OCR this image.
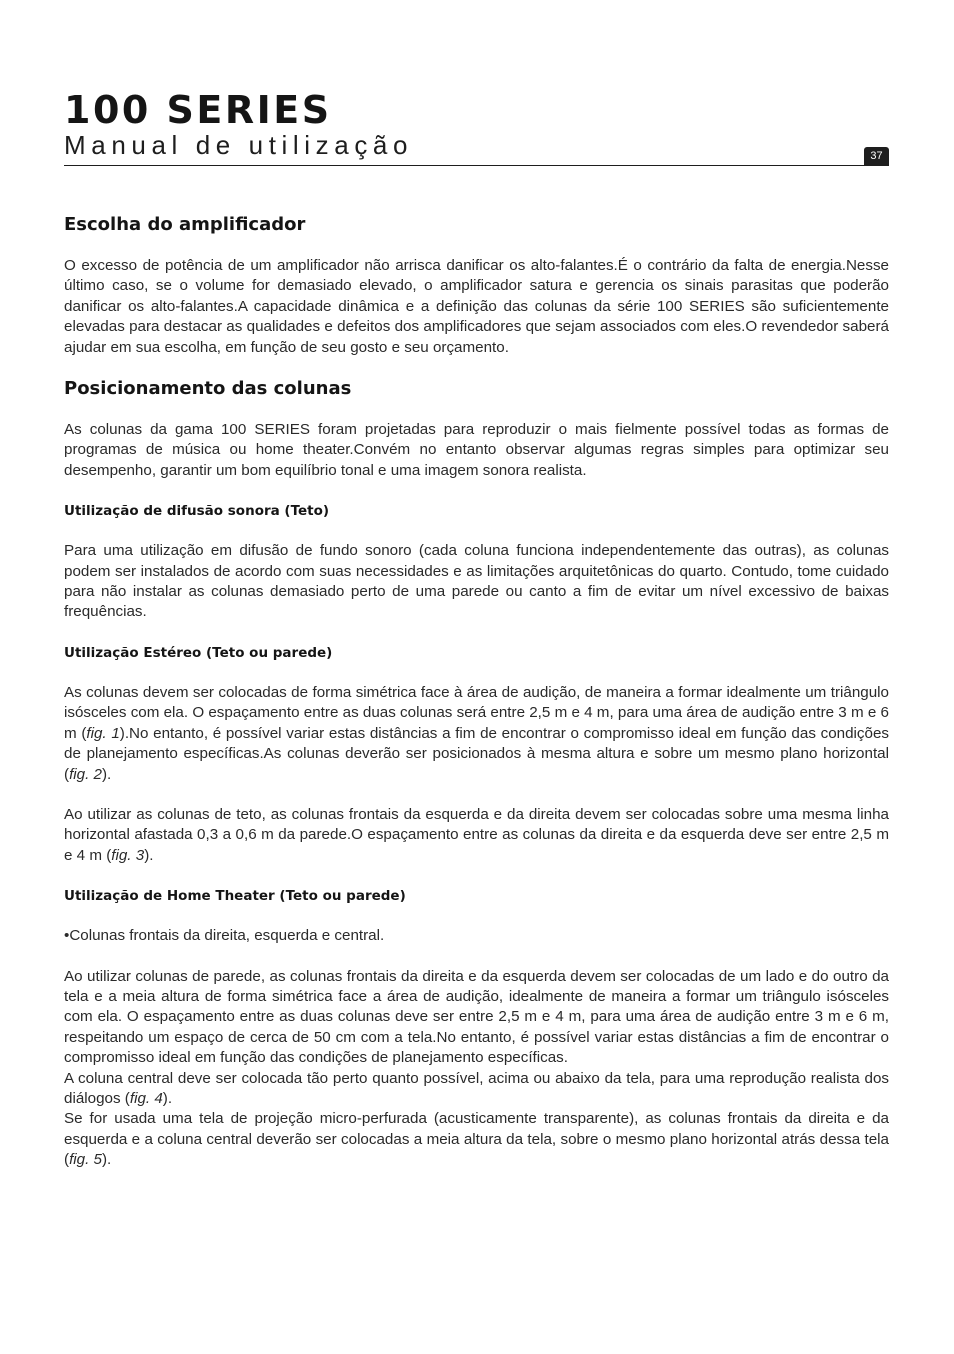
100 SERIES
Manual de utilização	37
Escolha do amplificador

O excesso de potência de um amplificador não arrisca danificar os alto-falantes.É o contrário da falta de energia.Nesse último caso, se o volume for demasiado elevado, o amplificador satura e gerencia os sinais parasitas que poderão danificar os alto-falantes.A capacidade dinâmica e a definição das colunas da série 100 SERIES são suficientemente elevadas para destacar as qualidades e defeitos dos amplificadores que sejam associados com eles.O revendedor saberá ajudar em sua escolha, em função de seu gosto e seu orçamento.

Posicionamento das colunas

As colunas da gama 100 SERIES foram projetadas para reproduzir o mais fielmente possível todas as formas de programas de música ou home theater.Convém no entanto observar algumas regras simples para optimizar seu desempenho, garantir um bom equilíbrio tonal e uma imagem sonora realista.

Utilização de difusão sonora (Teto)

Para uma utilização em difusão de fundo sonoro (cada coluna funciona independentemente das outras), as colunas podem ser instalados de acordo com suas necessidades e as limitações arquitetônicas do quarto. Contudo, tome cuidado para não instalar as colunas demasiado perto de uma parede ou canto a fim de evitar um nível excessivo de baixas frequências.

Utilização Estéreo (Teto ou parede)

As colunas devem ser colocadas de forma simétrica face à área de audição, de maneira a formar idealmente um triângulo isósceles com ela. O espaçamento entre as duas colunas será entre 2,5 m e 4 m, para uma área de audição entre 3 m e 6 m (fig. 1).No entanto, é possível variar estas distâncias a fim de encontrar o compromisso ideal em função das condições de planejamento específicas.As colunas deverão ser posicionados à mesma altura e sobre um mesmo plano horizontal (fig. 2).

Ao utilizar as colunas de teto, as colunas frontais da esquerda e da direita devem ser colocadas sobre uma mesma linha horizontal afastada 0,3 a 0,6 m da parede.O espaçamento entre as colunas da direita e da esquerda deve ser entre 2,5 m e 4 m (fig. 3).

Utilização de Home Theater (Teto ou parede)

•Colunas frontais da direita, esquerda e central.

Ao utilizar colunas de parede, as colunas frontais da direita e da esquerda devem ser colocadas de um lado e do outro da tela e a meia altura de forma simétrica face a área de audição, idealmente de maneira a formar um triângulo isósceles com ela. O espaçamento entre as duas colunas deve ser entre 2,5 m e 4 m, para uma área de audição entre 3 m e 6 m, respeitando um espaço de cerca de 50 cm com a tela.No entanto, é possível variar estas distâncias a fim de encontrar o compromisso ideal em função das condições de planejamento específicas.

A coluna central deve ser colocada tão perto quanto possível, acima ou abaixo da tela, para uma reprodução realista dos diálogos (fig. 4).

Se for usada uma tela de projeção micro-perfurada (acusticamente transparente), as colunas frontais da direita e da esquerda e a coluna central deverão ser colocadas a meia altura da tela, sobre o mesmo plano horizontal atrás dessa tela (fig. 5).
